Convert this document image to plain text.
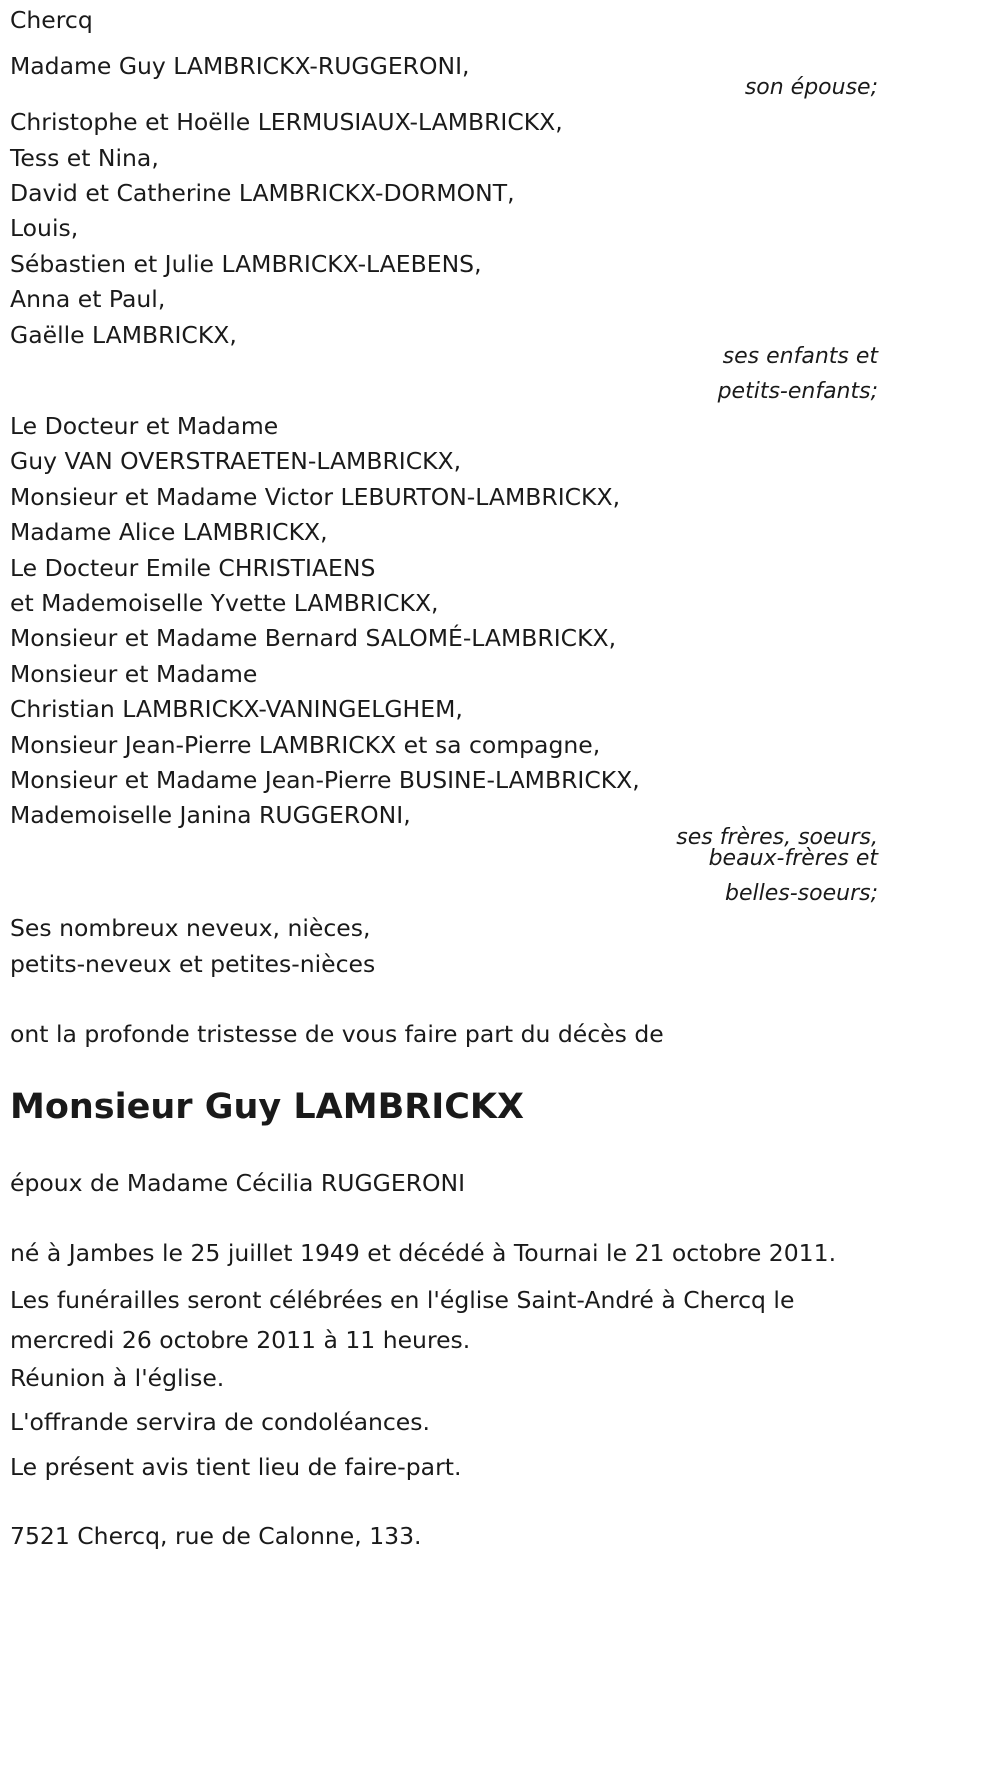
Chercq
Madame Guy LAMBRICKX-RUGGERONI,
son épouse;
Christophe et Hoëlle LERMUSIAUX-LAMBRICKX,
Tess et Nina,
David et Catherine LAMBRICKX-DORMONT,
Louis,
Sébastien et Julie LAMBRICKX-LAEBENS,
Anna et Paul,
Gaëlle LAMBRICKX,
ses enfants et
petits-enfants;
Le Docteur et Madame
Guy VAN OVERSTRAETEN-LAMBRICKX,
Monsieur et Madame Victor LEBURTON-LAMBRICKX,
Madame Alice LAMBRICKX,
Le Docteur Emile CHRISTIAENS
et Mademoiselle Yvette LAMBRICKX,
Monsieur et Madame Bernard SALOMÉ-LAMBRICKX,
Monsieur et Madame
Christian LAMBRICKX-VANINGELGHEM,
Monsieur Jean-Pierre LAMBRICKX et sa compagne,
Monsieur et Madame Jean-Pierre BUSINE-LAMBRICKX,
Mademoiselle Janina RUGGERONI,
ses frères, soeurs,
beaux-frères et
belles-soeurs;
Ses nombreux neveux, nièces,
petits-neveux et petites-nièces
ont la profonde tristesse de vous faire part du décès de
Monsieur Guy LAMBRICKX
époux de Madame Cécilia RUGGERONI
né à Jambes le 25 juillet 1949 et décédé à Tournai le 21 octobre 2011.
Les funérailles seront célébrées en l'église Saint-André à Chercq le mercredi 26 octobre 2011 à 11 heures.
Réunion à l'église.
L'offrande servira de condoléances.
Le présent avis tient lieu de faire-part.
7521 Chercq, rue de Calonne, 133.
